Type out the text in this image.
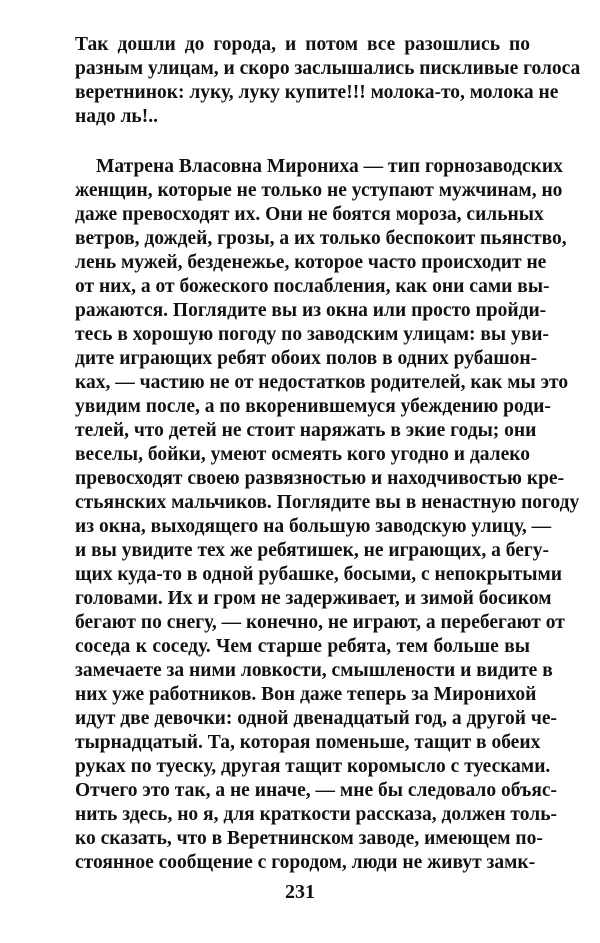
Так дошли до города, и потом все разошлись по
разным улицам, и скоро заслышались пискливые голоса
веретнинок: луку, луку купите!!! молока-то, молока не
надо ль!..
Матрена Власовна Мирониха — тип горнозаводских
женщин, которые не только не уступают мужчинам, но
даже превосходят их. Они не боятся мороза, сильных
ветров, дождей, грозы, а их только беспокоит пьянство,
лень мужей, безденежье, которое часто происходит не
от них, а от божеского послабления, как они сами вы-
ражаются. Поглядите вы из окна или просто пройди-
тесь в хорошую погоду по заводским улицам: вы уви-
дите играющих ребят обоих полов в одних рубашон-
ках, — частию не от недостатков родителей, как мы это
увидим после, а по вкоренившемуся убеждению роди-
телей, что детей не стоит наряжать в экие годы; они
веселы, бойки, умеют осмеять кого угодно и далеко
превосходят своею развязностью и находчивостью кре-
стьянских мальчиков. Поглядите вы в ненастную погоду
из окна, выходящего на большую заводскую улицу, —
и вы увидите тех же ребятишек, не играющих, а бегу-
щих куда-то в одной рубашке, босыми, с непокрытыми
головами. Их и гром не задерживает, и зимой босиком
бегают по снегу, — конечно, не играют, а перебегают от
соседа к соседу. Чем старше ребята, тем больше вы
замечаете за ними ловкости, смышлености и видите в
них уже работников. Вон даже теперь за Миронихой
идут две девочки: одной двенадцатый год, а другой че-
тырнадцатый. Та, которая поменьше, тащит в обеих
руках по туеску, другая тащит коромысло с туесками.
Отчего это так, а не иначе, — мне бы следовало объяс-
нить здесь, но я, для краткости рассказа, должен толь-
ко сказать, что в Веретнинском заводе, имеющем по-
стоянное сообщение с городом, люди не живут замк-
231
